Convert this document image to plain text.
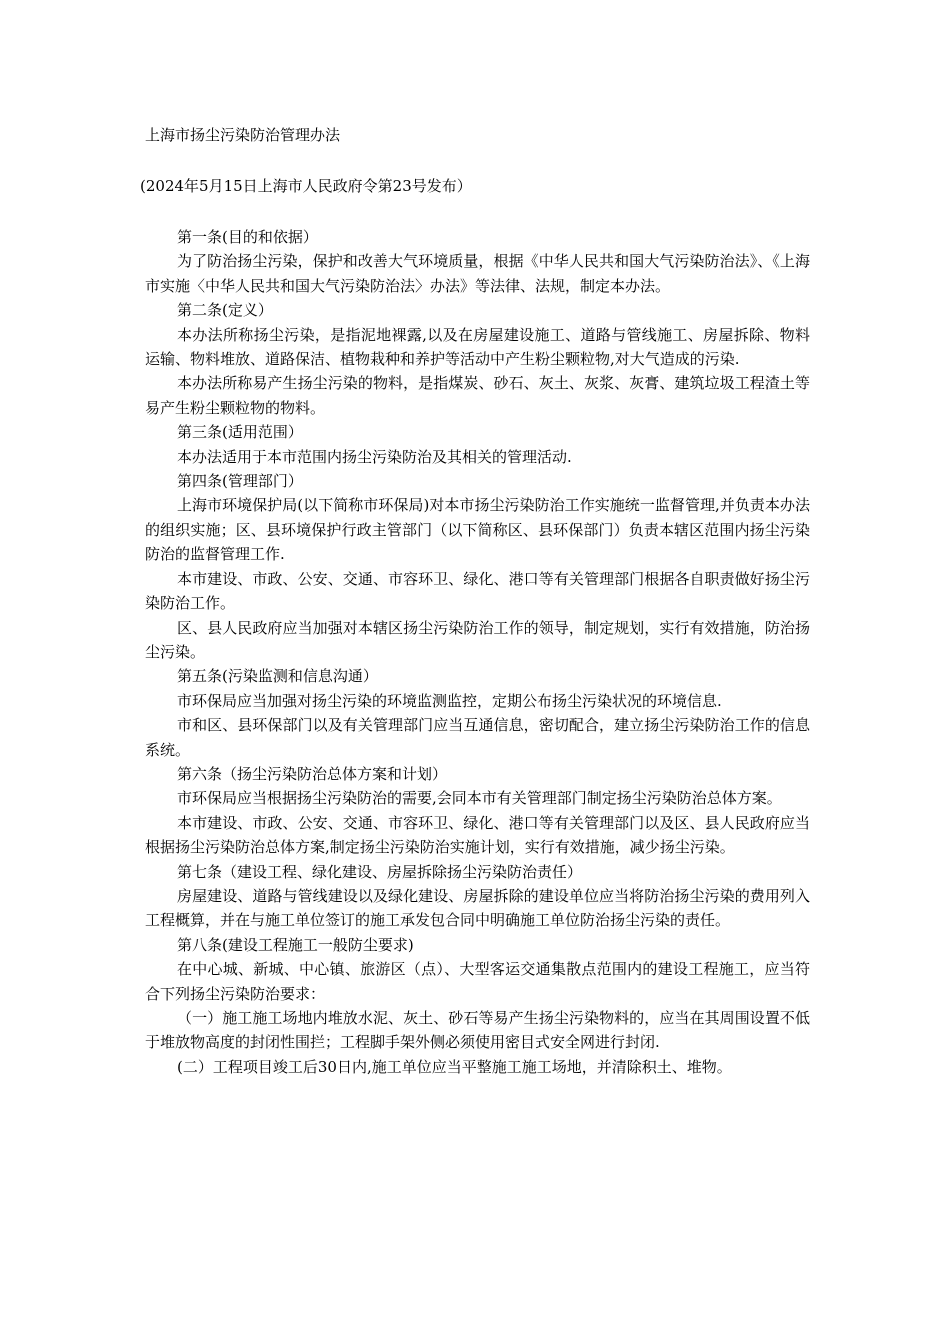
上海市扬尘污染防治管理办法
(2024年5月15日上海市人民政府令第23号发布）

第一条(目的和依据）

为了防治扬尘污染，保护和改善大气环境质量，根据《中华人民共和国大气污染防治法》、《上海市实施〈中华人民共和国大气污染防治法〉办法》等法律、法规，制定本办法。

第二条(定义）

本办法所称扬尘污染，是指泥地裸露,以及在房屋建设施工、道路与管线施工、房屋拆除、物料运输、物料堆放、道路保洁、植物栽种和养护等活动中产生粉尘颗粒物,对大气造成的污染.

本办法所称易产生扬尘污染的物料，是指煤炭、砂石、灰土、灰浆、灰膏、建筑垃圾工程渣土等易产生粉尘颗粒物的物料。

第三条(适用范围）

本办法适用于本市范围内扬尘污染防治及其相关的管理活动.

第四条(管理部门）

上海市环境保护局(以下简称市环保局)对本市扬尘污染防治工作实施统一监督管理,并负责本办法的组织实施；区、县环境保护行政主管部门（以下简称区、县环保部门）负责本辖区范围内扬尘污染防治的监督管理工作.

本市建设、市政、公安、交通、市容环卫、绿化、港口等有关管理部门根据各自职责做好扬尘污染防治工作。

区、县人民政府应当加强对本辖区扬尘污染防治工作的领导，制定规划，实行有效措施，防治扬尘污染。

第五条(污染监测和信息沟通）

市环保局应当加强对扬尘污染的环境监测监控，定期公布扬尘污染状况的环境信息.

市和区、县环保部门以及有关管理部门应当互通信息，密切配合，建立扬尘污染防治工作的信息系统。

第六条（扬尘污染防治总体方案和计划）

市环保局应当根据扬尘污染防治的需要,会同本市有关管理部门制定扬尘污染防治总体方案。

本市建设、市政、公安、交通、市容环卫、绿化、港口等有关管理部门以及区、县人民政府应当根据扬尘污染防治总体方案,制定扬尘污染防治实施计划，实行有效措施，减少扬尘污染。

第七条（建设工程、绿化建设、房屋拆除扬尘污染防治责任）

房屋建设、道路与管线建设以及绿化建设、房屋拆除的建设单位应当将防治扬尘污染的费用列入工程概算，并在与施工单位签订的施工承发包合同中明确施工单位防治扬尘污染的责任。

第八条(建设工程施工一般防尘要求)

在中心城、新城、中心镇、旅游区（点）、大型客运交通集散点范围内的建设工程施工，应当符合下列扬尘污染防治要求：

（一）施工施工场地内堆放水泥、灰土、砂石等易产生扬尘污染物料的，应当在其周围设置不低于堆放物高度的封闭性围拦；工程脚手架外侧必须使用密目式安全网进行封闭.

(二）工程项目竣工后30日内,施工单位应当平整施工施工场地，并清除积土、堆物。
